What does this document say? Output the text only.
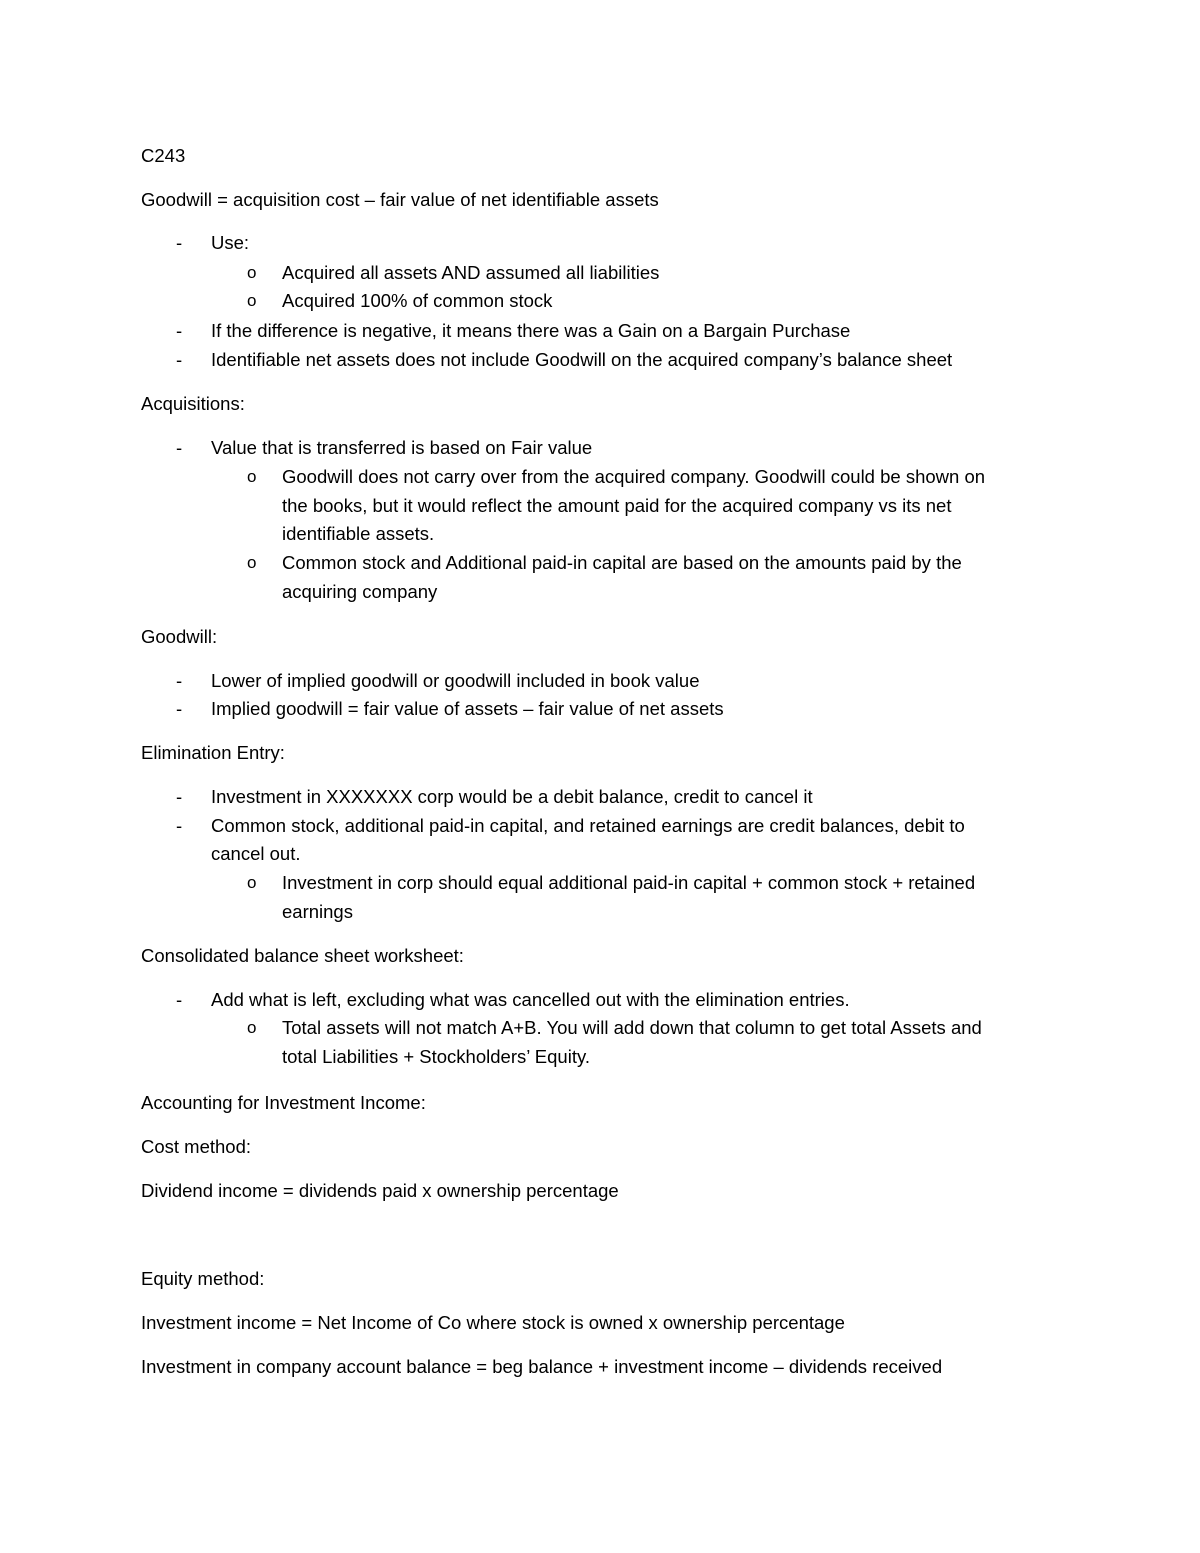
C243
Goodwill = acquisition cost – fair value of net identifiable assets
- Use:
o Acquired all assets AND assumed all liabilities
o Acquired 100% of common stock
- If the difference is negative, it means there was a Gain on a Bargain Purchase
- Identifiable net assets does not include Goodwill on the acquired company’s balance sheet
Acquisitions:
- Value that is transferred is based on Fair value
o Goodwill does not carry over from the acquired company. Goodwill could be shown on
the books, but it would reflect the amount paid for the acquired company vs its net
identifiable assets.
o Common stock and Additional paid-in capital are based on the amounts paid by the
acquiring company
Goodwill:
- Lower of implied goodwill or goodwill included in book value
- Implied goodwill = fair value of assets – fair value of net assets
Elimination Entry:
- Investment in XXXXXXX corp would be a debit balance, credit to cancel it
- Common stock, additional paid-in capital, and retained earnings are credit balances, debit to
cancel out.
o Investment in corp should equal additional paid-in capital + common stock + retained
earnings
Consolidated balance sheet worksheet:
- Add what is left, excluding what was cancelled out with the elimination entries.
o Total assets will not match A+B. You will add down that column to get total Assets and
total Liabilities + Stockholders’ Equity.
Accounting for Investment Income:
Cost method:
Dividend income = dividends paid x ownership percentage
Equity method:
Investment income = Net Income of Co where stock is owned x ownership percentage
Investment in company account balance = beg balance + investment income – dividends received
